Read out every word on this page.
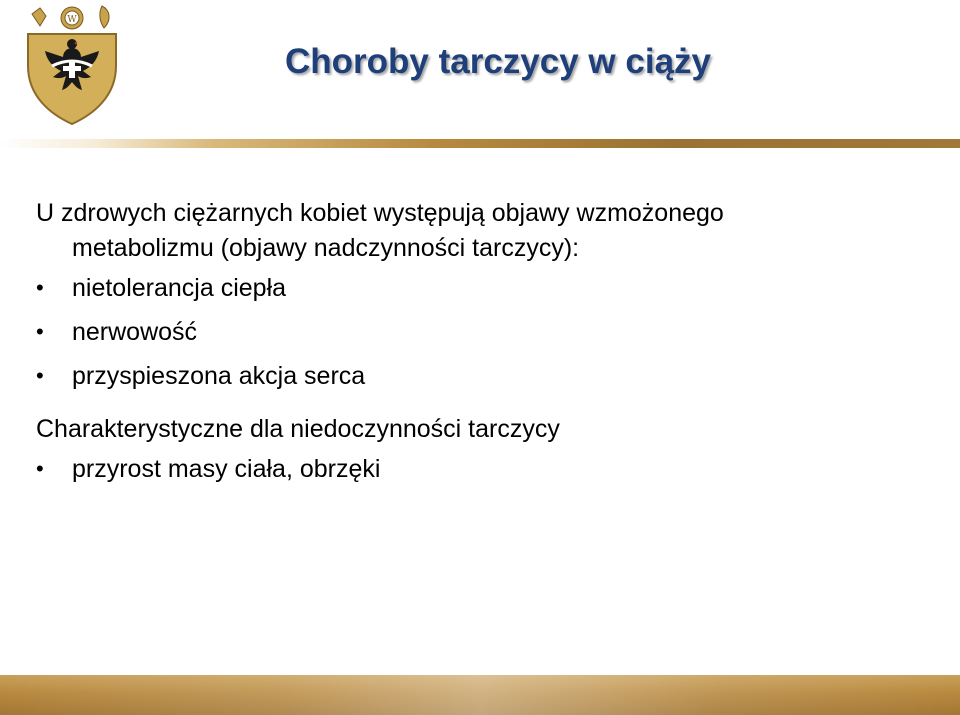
W
Choroby tarczycy w ciąży
U zdrowych ciężarnych kobiet występują objawy wzmożonego
metabolizmu (objawy nadczynności tarczycy):
• nietolerancja ciepła
• nerwowość
• przyspieszona akcja serca
Charakterystyczne dla niedoczynności tarczycy
• przyrost masy ciała, obrzęki
